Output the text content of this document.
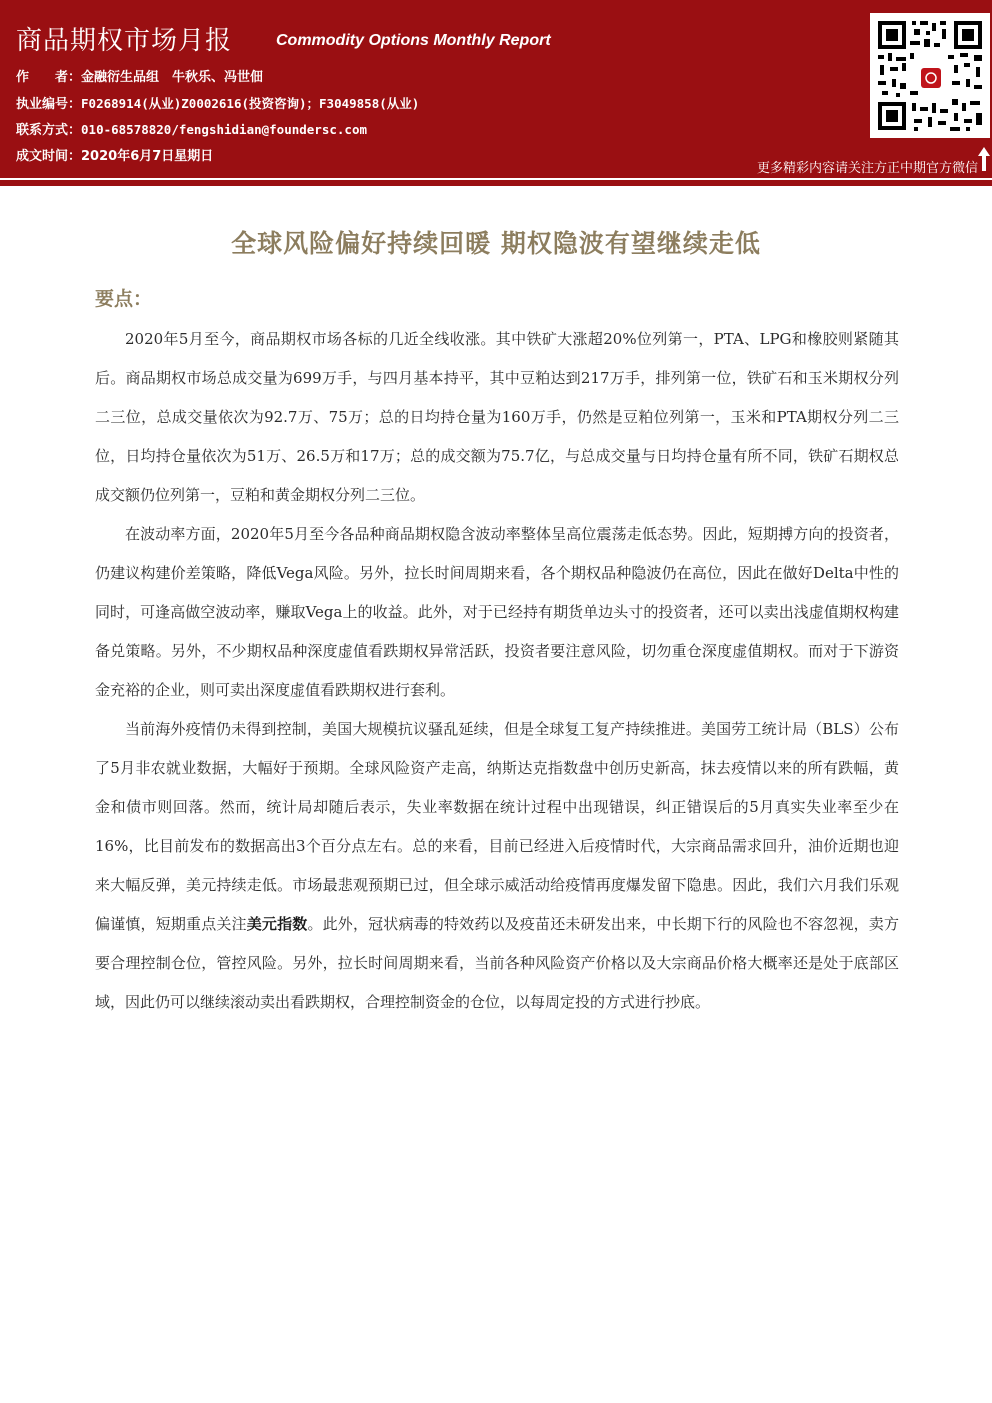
商品期权市场月报	Commodity Options Monthly Report
作　　者：金融衍生品组　牛秋乐、冯世佃
执业编号：F0268914(从业)Z0002616(投资咨询)；F3049858(从业)
联系方式：010-68578820/fengshidian@foundersc.com
成文时间：2020年6月7日星期日
更多精彩内容请关注方正中期官方微信
全球风险偏好持续回暖 期权隐波有望继续走低
要点：

2020年5月至今，商品期权市场各标的几近全线收涨。其中铁矿大涨超20%位列第一，PTA、LPG和橡胶则紧随其后。商品期权市场总成交量为699万手，与四月基本持平，其中豆粕达到217万手，排列第一位，铁矿石和玉米期权分列二三位，总成交量依次为92.7万、75万；总的日均持仓量为160万手，仍然是豆粕位列第一，玉米和PTA期权分列二三位，日均持仓量依次为51万、26.5万和17万；总的成交额为75.7亿，与总成交量与日均持仓量有所不同，铁矿石期权总成交额仍位列第一，豆粕和黄金期权分列二三位。

在波动率方面，2020年5月至今各品种商品期权隐含波动率整体呈高位震荡走低态势。因此，短期搏方向的投资者，仍建议构建价差策略，降低Vega风险。另外，拉长时间周期来看，各个期权品种隐波仍在高位，因此在做好Delta中性的同时，可逢高做空波动率，赚取Vega上的收益。此外，对于已经持有期货单边头寸的投资者，还可以卖出浅虚值期权构建备兑策略。另外，不少期权品种深度虚值看跌期权异常活跃，投资者要注意风险，切勿重仓深度虚值期权。而对于下游资金充裕的企业，则可卖出深度虚值看跌期权进行套利。

当前海外疫情仍未得到控制，美国大规模抗议骚乱延续，但是全球复工复产持续推进。美国劳工统计局（BLS）公布了5月非农就业数据，大幅好于预期。全球风险资产走高，纳斯达克指数盘中创历史新高，抹去疫情以来的所有跌幅，黄金和债市则回落。然而，统计局却随后表示，失业率数据在统计过程中出现错误，纠正错误后的5月真实失业率至少在16%，比目前发布的数据高出3个百分点左右。总的来看，目前已经进入后疫情时代，大宗商品需求回升，油价近期也迎来大幅反弹，美元持续走低。市场最悲观预期已过，但全球示威活动给疫情再度爆发留下隐患。因此，我们六月我们乐观偏谨慎，短期重点关注美元指数。此外，冠状病毒的特效药以及疫苗还未研发出来，中长期下行的风险也不容忽视，卖方要合理控制仓位，管控风险。另外，拉长时间周期来看，当前各种风险资产价格以及大宗商品价格大概率还是处于底部区域，因此仍可以继续滚动卖出看跌期权，合理控制资金的仓位，以每周定投的方式进行抄底。
